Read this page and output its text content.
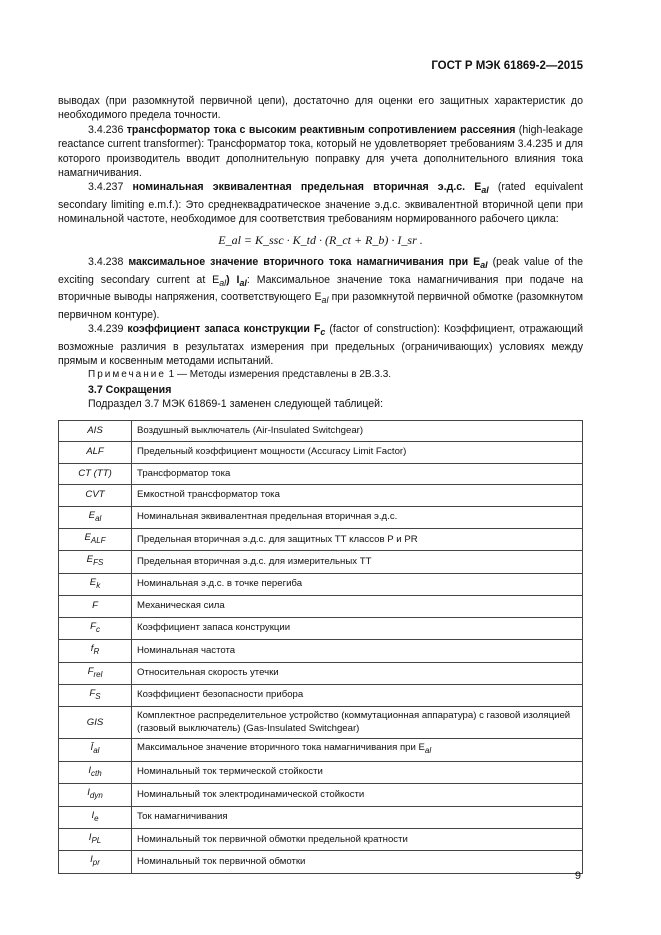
ГОСТ Р МЭК 61869-2—2015

выводах (при разомкнутой первичной цепи), достаточно для оценки его защитных характеристик до необходимого предела точности.

3.4.236 трансформатор тока с высоким реактивным сопротивлением рассеяния (high-leakage reactance current transformer): Трансформатор тока, который не удовлетворяет требованиям 3.4.235 и для которого производитель вводит дополнительную поправку для учета дополнительного влияния тока намагничивания.

3.4.237 номинальная эквивалентная предельная вторичная э.д.с. $E_{al}$ (rated equivalent secondary limiting e.m.f.): Это среднеквадратическое значение э.д.с. эквивалентной вторичной цепи при номинальной частоте, необходимое для соответствия требованиям нормированного рабочего цикла:

E_al = K_ssc · K_td · (R_ct + R_b) · I_sr .

3.4.238 максимальное значение вторичного тока намагничивания при $E_{al}$ (peak value of the exciting secondary current at $E_{al}$) $I_{al}$: Максимальное значение тока намагничивания при подаче на вторичные выводы напряжения, соответствующего $E_{al}$ при разомкнутой первичной обмотке (разомкнутом первичном контуре).

3.4.239 коэффициент запаса конструкции $F_c$ (factor of construction): Коэффициент, отражающий возможные различия в результатах измерения при предельных (ограничивающих) условиях между прямым и косвенным методами испытаний.

Примечание 1 — Методы измерения представлены в 2В.3.3.

3.7 Сокращения

Подраздел 3.7 МЭК 61869-1 заменен следующей таблицей:

AIS	Воздушный выключатель (Air-Insulated Switchgear)
ALF	Предельный коэффициент мощности (Accuracy Limit Factor)
CT (TT)	Трансформатор тока
CVT	Емкостной трансформатор тока
$E_{al}$	Номинальная эквивалентная предельная вторичная э.д.с.
$E_{ALF}$	Предельная вторичная э.д.с. для защитных ТТ классов Р и PR
$E_{FS}$	Предельная вторичная э.д.с. для измерительных ТТ
$E_k$	Номинальная э.д.с. в точке перегиба
F	Механическая сила
$F_c$	Коэффициент запаса конструкции
$f_R$	Номинальная частота
$F_{rel}$	Относительная скорость утечки
$F_S$	Коэффициент безопасности прибора
GIS	Комплектное распределительное устройство (коммутационная аппаратура) с газовой изоляцией (газовый выключатель) (Gas-Insulated Switchgear)
$Î_{al}$	Максимальное значение вторичного тока намагничивания при $E_{al}$
$I_{cth}$	Номинальный ток термической стойкости
$I_{dyn}$	Номинальный ток электродинамической стойкости
$I_e$	Ток намагничивания
$I_{PL}$	Номинальный ток первичной обмотки предельной кратности
$I_{pr}$	Номинальный ток первичной обмотки
9
